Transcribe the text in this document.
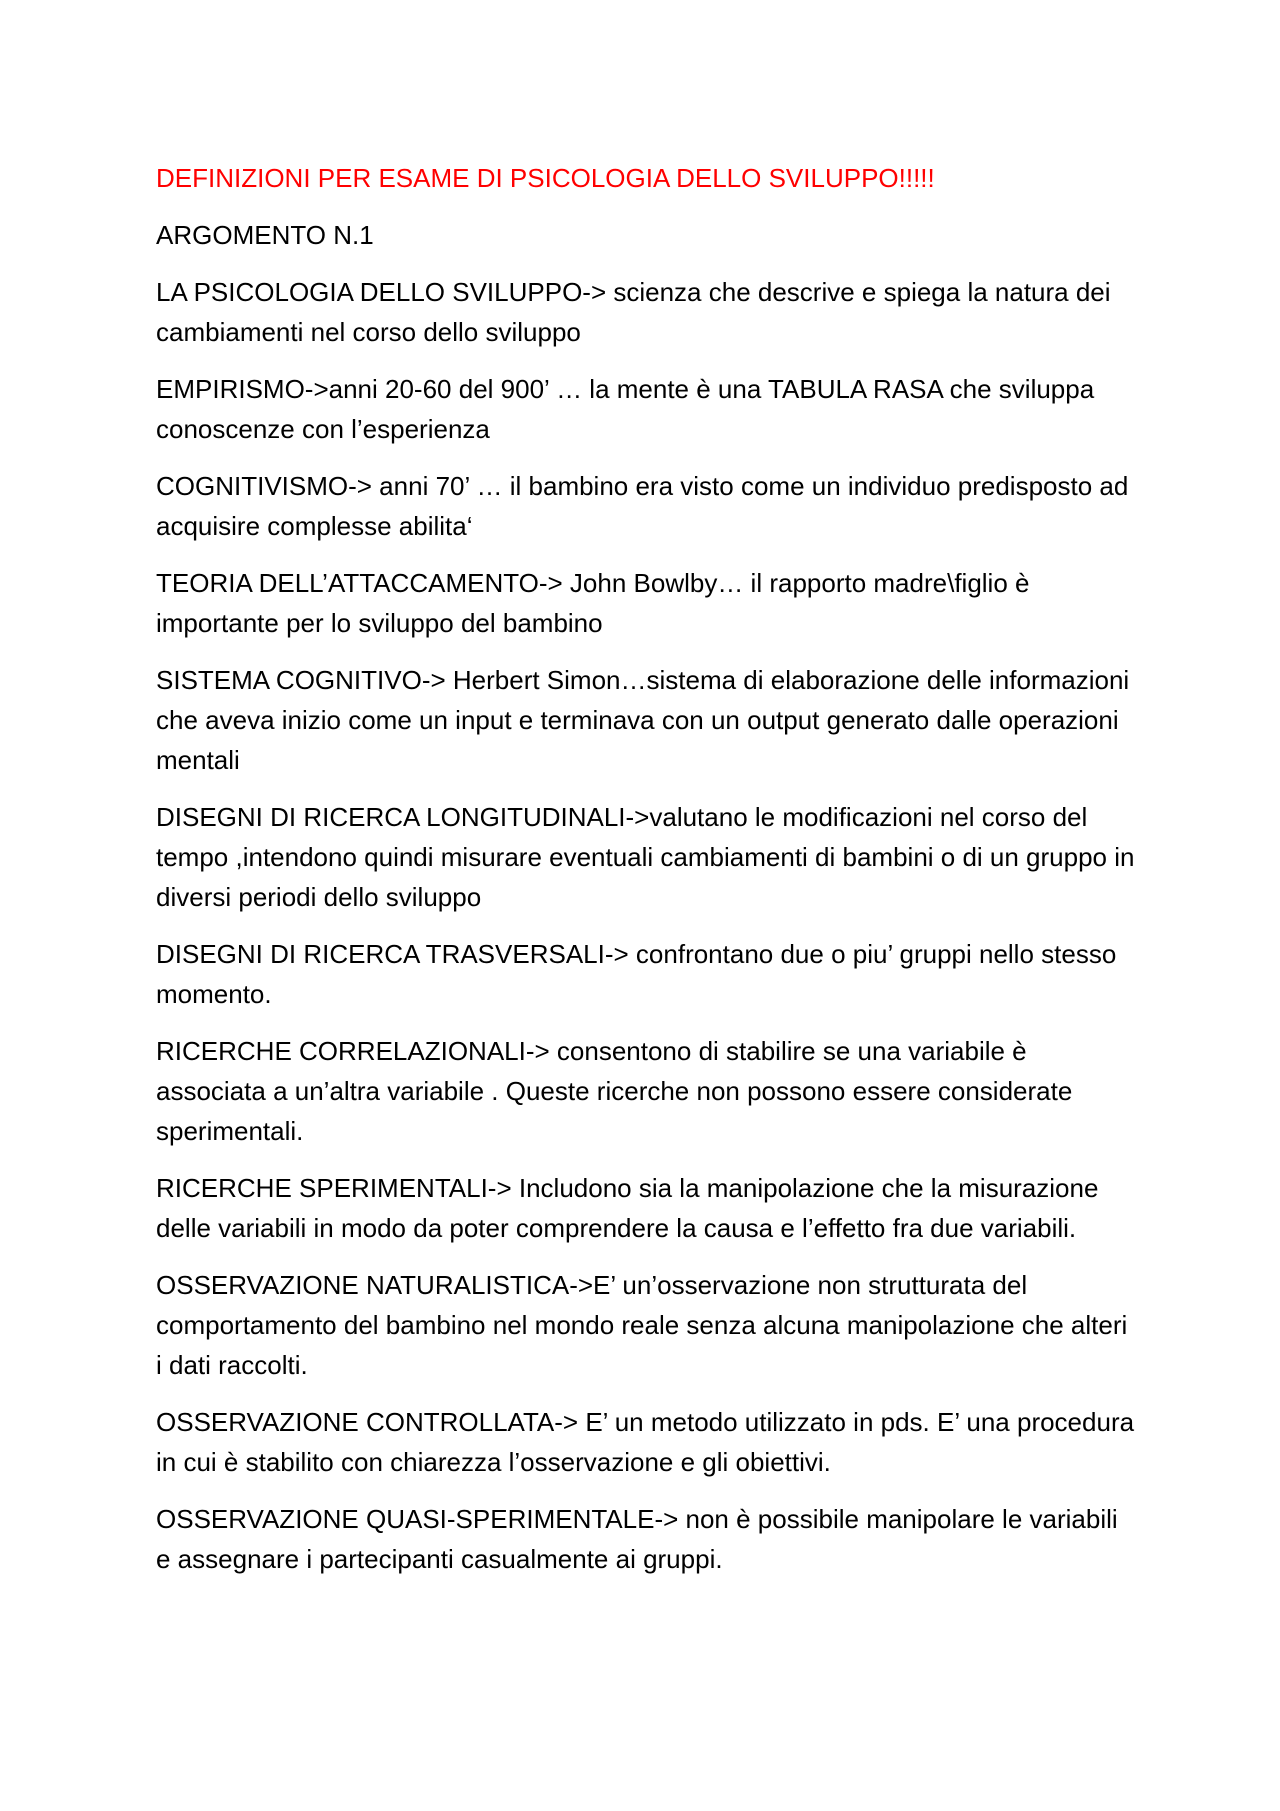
DEFINIZIONI PER ESAME DI PSICOLOGIA DELLO SVILUPPO!!!!!

ARGOMENTO N.1

LA PSICOLOGIA DELLO SVILUPPO-> scienza che descrive e spiega la natura dei cambiamenti nel corso dello sviluppo

EMPIRISMO->anni 20-60 del 900’ … la mente è una TABULA RASA che sviluppa conoscenze con l’esperienza

COGNITIVISMO-> anni 70’ … il bambino era visto come un individuo predisposto ad acquisire complesse abilita‘

TEORIA DELL’ATTACCAMENTO-> John Bowlby… il rapporto madre\figlio è importante per lo sviluppo del bambino

SISTEMA COGNITIVO-> Herbert Simon…sistema di elaborazione delle informazioni che aveva inizio come un input e terminava con un output generato dalle operazioni mentali

DISEGNI DI RICERCA LONGITUDINALI->valutano le modificazioni nel corso del tempo ,intendono quindi misurare eventuali cambiamenti di bambini o di un gruppo in diversi periodi dello sviluppo

DISEGNI DI RICERCA TRASVERSALI-> confrontano due o piu’ gruppi nello stesso momento.

RICERCHE CORRELAZIONALI-> consentono di stabilire se una variabile è associata a un’altra variabile . Queste ricerche non possono essere considerate sperimentali.

RICERCHE SPERIMENTALI-> Includono sia la manipolazione che la misurazione delle variabili in modo da poter comprendere la causa e l’effetto fra due variabili.

OSSERVAZIONE NATURALISTICA->E’ un’osservazione non strutturata del comportamento del bambino nel mondo reale senza alcuna manipolazione che alteri i dati raccolti.

OSSERVAZIONE CONTROLLATA-> E’ un metodo utilizzato in pds. E’ una procedura in cui è stabilito con chiarezza l’osservazione e gli obiettivi.

OSSERVAZIONE QUASI-SPERIMENTALE-> non è possibile manipolare le variabili e assegnare i partecipanti casualmente ai gruppi.
